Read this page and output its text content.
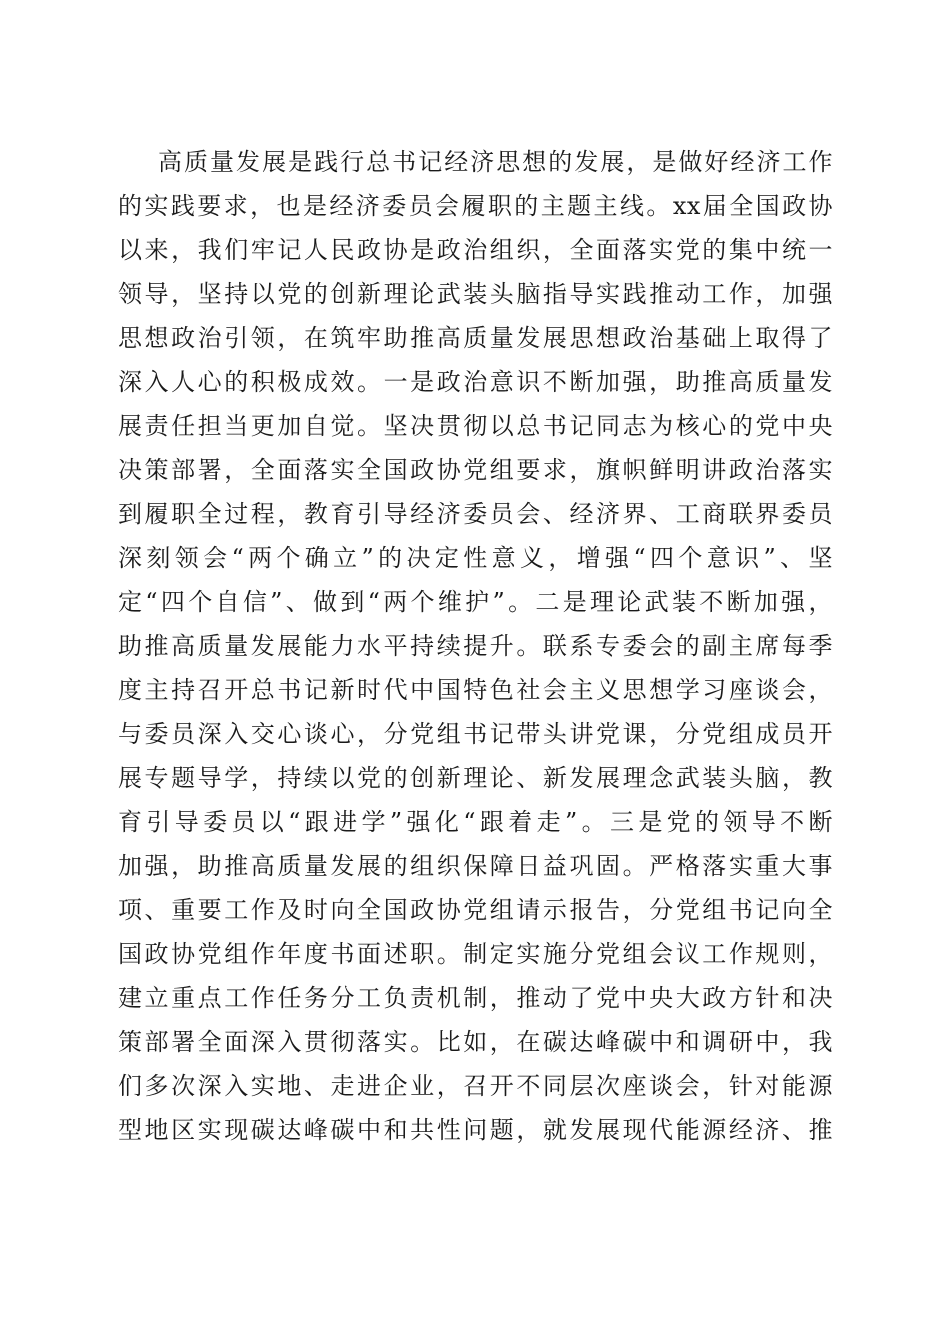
高质量发展是践行总书记经济思想的发展，是做好经济工作
的实践要求，也是经济委员会履职的主题主线。xx届全国政协
以来，我们牢记人民政协是政治组织，全面落实党的集中统一
领导，坚持以党的创新理论武装头脑指导实践推动工作，加强
思想政治引领，在筑牢助推高质量发展思想政治基础上取得了
深入人心的积极成效。一是政治意识不断加强，助推高质量发
展责任担当更加自觉。坚决贯彻以总书记同志为核心的党中央
决策部署，全面落实全国政协党组要求，旗帜鲜明讲政治落实
到履职全过程，教育引导经济委员会、经济界、工商联界委员
深刻领会“两个确立”的决定性意义，增强“四个意识”、坚
定“四个自信”、做到“两个维护”。二是理论武装不断加强，
助推高质量发展能力水平持续提升。联系专委会的副主席每季
度主持召开总书记新时代中国特色社会主义思想学习座谈会，
与委员深入交心谈心，分党组书记带头讲党课，分党组成员开
展专题导学，持续以党的创新理论、新发展理念武装头脑，教
育引导委员以“跟进学”强化“跟着走”。三是党的领导不断
加强，助推高质量发展的组织保障日益巩固。严格落实重大事
项、重要工作及时向全国政协党组请示报告，分党组书记向全
国政协党组作年度书面述职。制定实施分党组会议工作规则，
建立重点工作任务分工负责机制，推动了党中央大政方针和决
策部署全面深入贯彻落实。比如，在碳达峰碳中和调研中，我
们多次深入实地、走进企业，召开不同层次座谈会，针对能源
型地区实现碳达峰碳中和共性问题，就发展现代能源经济、推
